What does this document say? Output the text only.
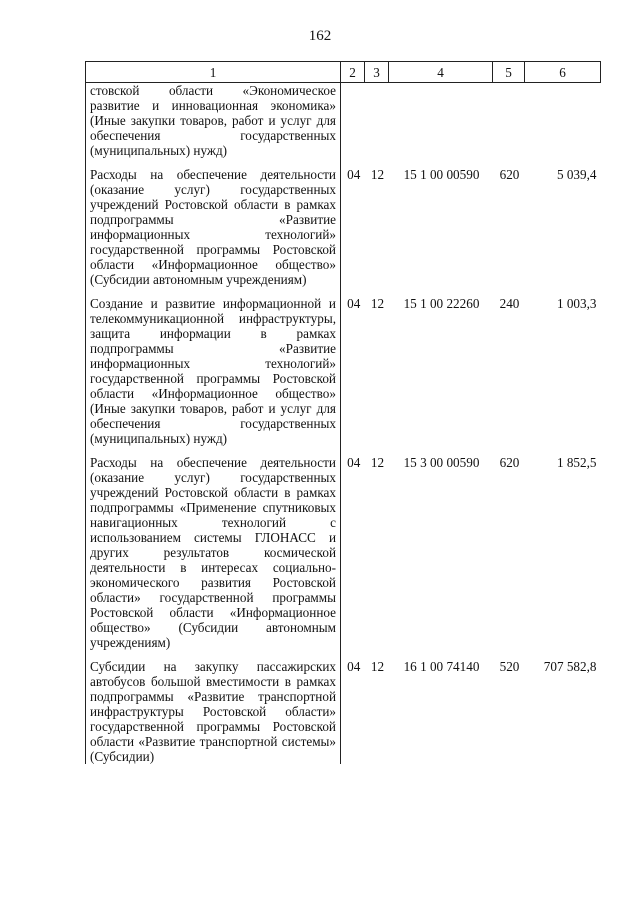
162
1	2	3	4	5	6
стовской области «Экономическое развитие и инновационная экономика» (Иные закупки товаров, работ и услуг для обеспечения государственных (муниципальных) нужд)					
Расходы на обеспечение деятельности (оказание услуг) государственных учреждений Ростовской области в рамках подпрограммы «Развитие информационных технологий» государственной программы Ростовской области «Информационное общество» (Субсидии автономным учреждениям)	04	12	15 1 00 00590	620	5 039,4
Создание и развитие информационной и телекоммуникационной инфраструктуры, защита информации в рамках подпрограммы «Развитие информационных технологий» государственной программы Ростовской области «Информационное общество» (Иные закупки товаров, работ и услуг для обеспечения государственных (муниципальных) нужд)	04	12	15 1 00 22260	240	1 003,3
Расходы на обеспечение деятельности (оказание услуг) государственных учреждений Ростовской области в рамках подпрограммы «Применение спутниковых навигационных технологий с использованием системы ГЛОНАСС и других результатов космической деятельности в интересах социально-экономического развития Ростовской области» государственной программы Ростовской области «Информационное общество» (Субсидии автономным учреждениям)	04	12	15 3 00 00590	620	1 852,5
Субсидии на закупку пассажирских автобусов большой вместимости в рамках подпрограммы «Развитие транспортной инфраструктуры Ростовской области» государственной программы Ростовской области «Развитие транспортной системы» (Субсидии)	04	12	16 1 00 74140	520	707 582,8
